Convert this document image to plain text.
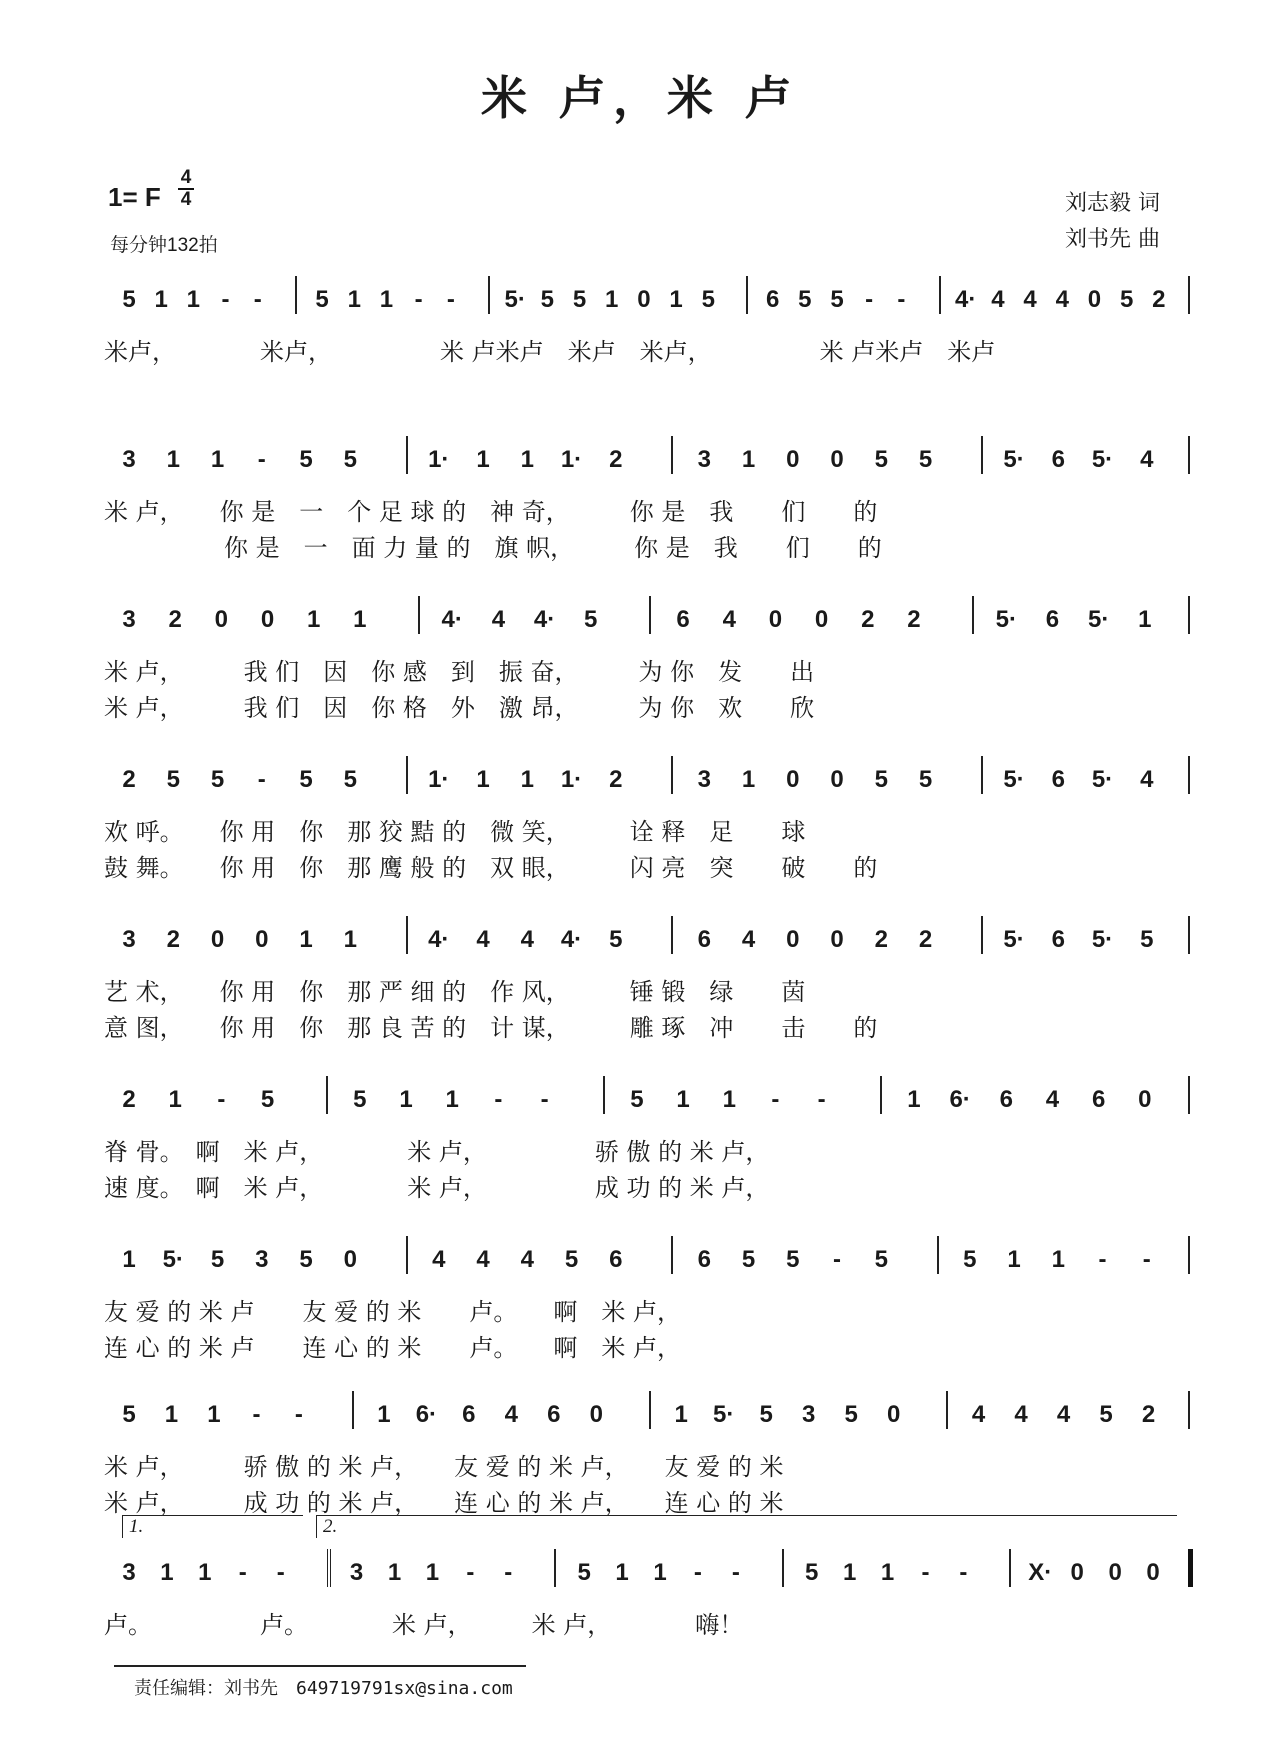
米 卢，米 卢
1= F
4
4
每分钟132拍
刘志毅 词
刘书先 曲
5 1 1 - - 5 1 1 - - 5· 5 5 1 0 1 5 6 5 5 - - 4· 4 4 4 0 5 2
米卢，　　　　米卢，　　　　　米 卢米卢　米卢　米卢，　　　　　米 卢米卢　米卢
3 1 1 - 5 5	1· 1 1 1· 2	3 1 0 0 5 5	5· 6 5· 4
米 卢，　　你 是　一　个 足 球 的　神 奇，　　　你 是　我　　们　　的
　　　　　你 是　一　面 力 量 的　旗 帜，　　　你 是　我　　们　　的
3 2 0 0 1 1	4· 4 4· 5	6 4 0 0 2 2	5· 6 5· 1
米 卢，　　　我 们　因　你 感　到　振 奋，　　　为 你　发　　出
米 卢，　　　我 们　因　你 格　外　激 昂，　　　为 你　欢　　欣
2 5 5 - 5 5	1· 1 1 1· 2	3 1 0 0 5 5	5· 6 5· 4
欢 呼。　　你 用　你　那 狡 黠 的　微 笑，　　　诠 释　足　　球
鼓 舞。　　你 用　你　那 鹰 般 的　双 眼，　　　闪 亮　突　　破　　的
3 2 0 0 1 1	4· 4 4 4· 5	6 4 0 0 2 2	5· 6 5· 5
艺 术，　　你 用　你　那 严 细 的　作 风，　　　锤 锻　绿　　茵
意 图，　　你 用　你　那 良 苦 的　计 谋，　　　雕 琢　冲　　击　　的
2 1 - 5	5 1 1 - -	5 1 1 - -	1 6· 6 4 6 0
脊 骨。　啊　米 卢，　　　　米 卢，　　　　　骄 傲 的 米 卢，
速 度。　啊　米 卢，　　　　米 卢，　　　　　成 功 的 米 卢，
1 5· 5 3 5 0	4 4 4 5 6	6 5 5 - 5	5 1 1 - -
友 爱 的 米 卢　　友 爱 的 米　　卢。　　啊　米 卢，
连 心 的 米 卢　　连 心 的 米　　卢。　　啊　米 卢，
5 1 1 - -	1 6· 6 4 6 0	1 5· 5 3 5 0	4 4 4 5 2
米 卢，　　　骄 傲 的 米 卢，　　友 爱 的 米 卢，　　友 爱 的 米
米 卢，　　　成 功 的 米 卢，　　连 心 的 米 卢，　　连 心 的 米
3 1 1 - -	3 1 1 - -	5 1 1 - -	5 1 1 - -	X· 0 0 0
1.	2.
卢。　　　　　卢。　　　　米 卢，　　　米 卢，　　　　嗨！
责任编辑：刘书先　649719791sx@sina.com
